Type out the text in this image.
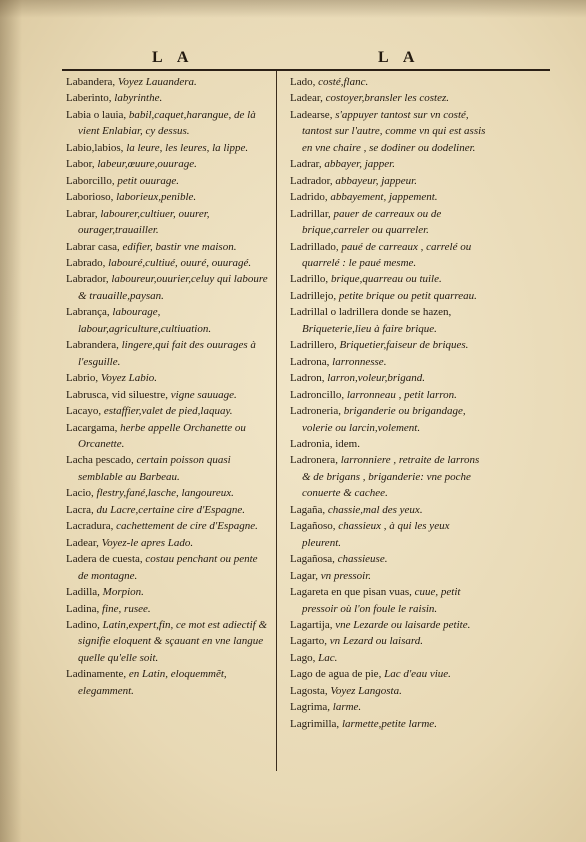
L A	L A
Labandera, Voyez Lauandera.
Laberinto, labyrinthe.
Labia o lauia, babil,caquet,harangue, de là vient Enlabiar, cy dessus.
Labio,labios, la leure, les leures, la lippe.
Labor, labeur,œuure,ouurage.
Laborcillo, petit ouurage.
Laborioso, laborieux,penible.
Labrar, labourer,cultiuer, ouurer, ourager,trauailler.
Labrar casa, edifier, bastir vne maison.
Labrado, labouré,cultiué, ouuré, ouuragé.
Labrador, laboureur,ouurier,celuy qui laboure & trauaille,paysan.
Labrança, labourage, labour,agriculture,cultiuation.
Labrandera, lingere,qui fait des ouurages à l'esguille.
Labrio, Voyez Labio.
Labrusca, vid siluestre, vigne sauuage.
Lacayo, estaffier,valet de pied,laquay.
Lacargama, herbe appelle Orchanette ou Orcanette.
Lacha pescado, certain poisson quasi semblable au Barbeau.
Lacio, flestry,fané,lasche, langoureux.
Lacra, du Lacre,certaine cire d'Espagne.
Lacradura, cachettement de cire d'Espagne.
Ladear, Voyez-le apres Lado.
Ladera de cuesta, costau penchant ou pente de montagne.
Ladilla, Morpion.
Ladina, fine, rusee.
Ladino, Latin,expert,fin, ce mot est adiectif & signifie eloquent & sçauant en vne langue quelle qu'elle soit.
Ladinamente, en Latin, eloquemmẽt, elegamment.
Lado, costé,flanc.
Ladear, costoyer,bransler les costez.
Ladearse, s'appuyer tantost sur vn costé, tantost sur l'autre, comme vn qui est assis en vne chaire , se dodiner ou dodeliner.
Ladrar, abbayer, japper.
Ladrador, abbayeur, jappeur.
Ladrido, abbayement, jappement.
Ladrillar, pauer de carreaux ou de brique,carreler ou quarreler.
Ladrillado, paué de carreaux , carrelé ou quarrelé : le paué mesme.
Ladrillo, brique,quarreau ou tuile.
Ladrillejo, petite brique ou petit quarreau.
Ladrillal o ladrillera donde se hazen, Briqueterie,lieu à faire brique.
Ladrillero, Briquetier,faiseur de briques.
Ladrona, larronnesse.
Ladron, larron,voleur,brigand.
Ladroncillo, larronneau , petit larron.
Ladroneria, briganderie ou brigandage, volerie ou larcin,volement.
Ladronia, idem.
Ladronera, larronniere , retraite de larrons & de brigans , briganderie: vne poche conuerte & cachee.
Lagaña, chassie,mal des yeux.
Lagañoso, chassieux , à qui les yeux pleurent.
Lagañosa, chassieuse.
Lagar, vn pressoir.
Lagareta en que pisan vuas, cuue, petit pressoir où l'on foule le raisin.
Lagartija, vne Lezarde ou laisarde petite.
Lagarto, vn Lezard ou laisard.
Lago, Lac.
Lago de agua de pie, Lac d'eau viue.
Lagosta, Voyez Langosta.
Lagrima, larme.
Lagrimilla, larmette,petite larme.
